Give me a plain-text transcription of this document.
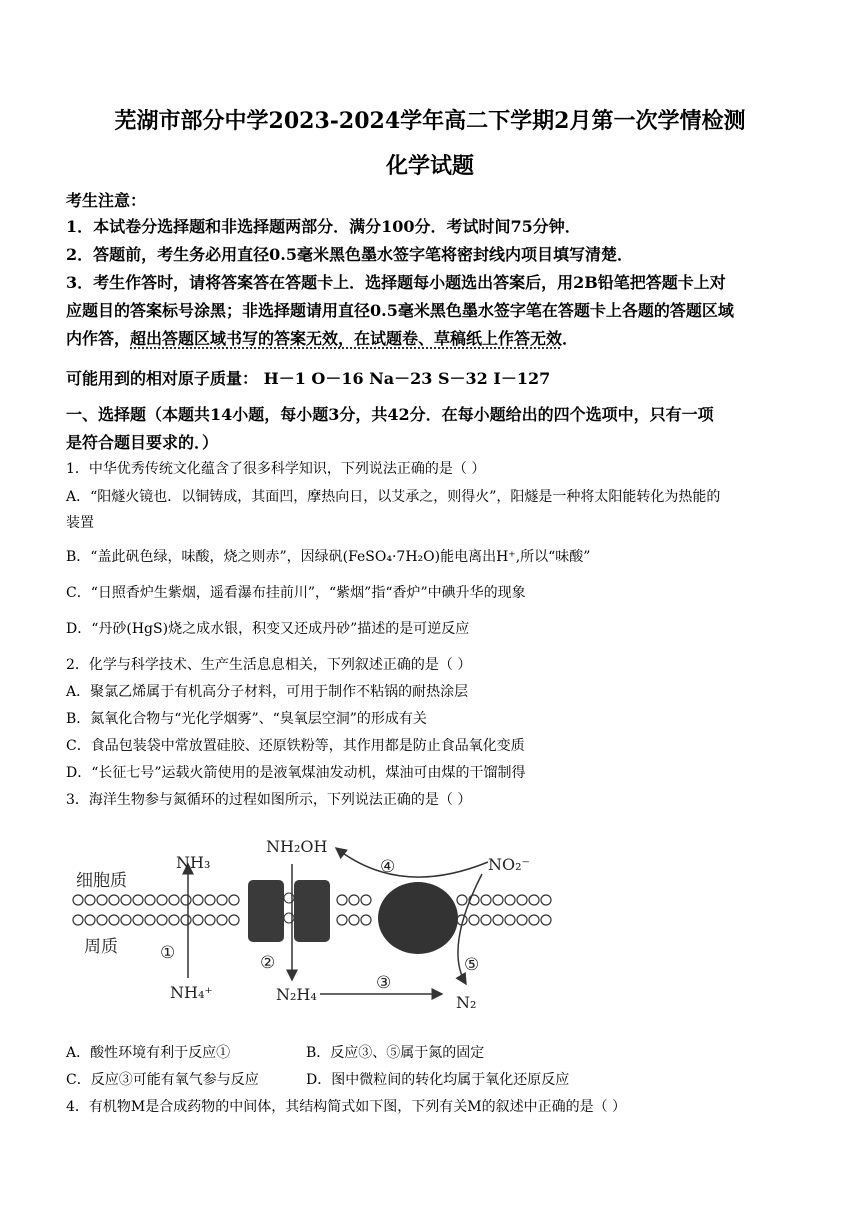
芜湖市部分中学2023-2024学年高二下学期2月第一次学情检测
化学试题
考生注意：
1．本试卷分选择题和非选择题两部分．满分100分．考试时间75分钟．
2．答题前，考生务必用直径0.5毫米黑色墨水签字笔将密封线内项目填写清楚．
3．考生作答时，请将答案答在答题卡上．选择题每小题选出答案后，用2B铅笔把答题卡上对
应题目的答案标号涂黑；非选择题请用直径0.5毫米黑色墨水签字笔在答题卡上各题的答题区域
内作答，超出答题区域书写的答案无效，在试题卷、草稿纸上作答无效．
可能用到的相对原子质量： H－1 O－16 Na－23 S－32 I－127
一、选择题（本题共14小题，每小题3分，共42分．在每小题给出的四个选项中，只有一项
是符合题目要求的．）
1．中华优秀传统文化蕴含了很多科学知识，下列说法正确的是（ ）
A．“阳燧火镜也．以铜铸成，其面凹，摩热向日，以艾承之，则得火”，阳燧是一种将太阳能转化为热能的
装置
B．“盖此矾色绿，味酸，烧之则赤”，因绿矾(FeSO₄·7H₂O)能电离出H⁺,所以“味酸”
C．“日照香炉生紫烟，遥看瀑布挂前川”，“紫烟”指“香炉”中碘升华的现象
D．“丹砂(HgS)烧之成水银，积变又还成丹砂”描述的是可逆反应
2．化学与科学技术、生产生活息息相关，下列叙述正确的是（ ）
A．聚氯乙烯属于有机高分子材料，可用于制作不粘锅的耐热涂层
B．氮氧化合物与“光化学烟雾”、“臭氧层空洞”的形成有关
C．食品包装袋中常放置硅胶、还原铁粉等，其作用都是防止食品氧化变质
D．“长征七号”运载火箭使用的是液氧煤油发动机，煤油可由煤的干馏制得
3．海洋生物参与氮循环的过程如图所示，下列说法正确的是（ ）
细胞质
周质
NH₃
NH₄⁺
NH₂OH
N₂H₄
NO₂⁻
N₂
①	②
③
④
⑤
A．酸性环境有利于反应①	B．反应③、⑤属于氮的固定
C．反应③可能有氧气参与反应	D．图中微粒间的转化均属于氧化还原反应
4．有机物M是合成药物的中间体，其结构简式如下图，下列有关M的叙述中正确的是（ ）
